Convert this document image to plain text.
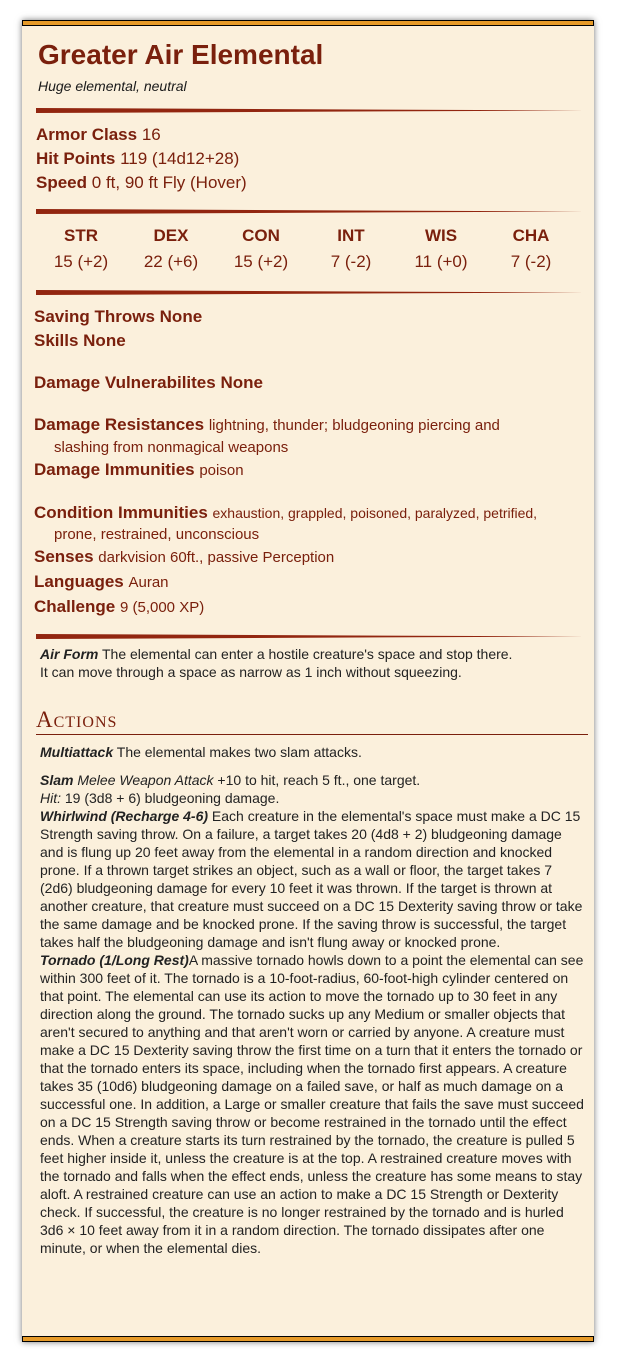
Greater Air Elemental
Huge elemental, neutral
Armor Class 16
Hit Points 119 (14d12+28)
Speed 0 ft, 90 ft Fly (Hover)
STR
15 (+2)
DEX
22 (+6)
CON
15 (+2)
INT
7 (-2)
WIS
11 (+0)
CHA
7 (-2)
Saving Throws None
Skills None
Damage Vulnerabilites None
Damage Resistances lightning, thunder; bludgeoning piercing and
slashing from nonmagical weapons
Damage Immunities poison
Condition Immunities exhaustion, grappled, poisoned, paralyzed, petrified,
prone, restrained, unconscious
Senses darkvision 60ft., passive Perception
Languages Auran
Challenge 9 (5,000 XP)
Air Form The elemental can enter a hostile creature's space and stop there.
It can move through a space as narrow as 1 inch without squeezing.
Actions
Multiattack The elemental makes two slam attacks.
Slam Melee Weapon Attack +10 to hit, reach 5 ft., one target.
Hit: 19 (3d8 + 6) bludgeoning damage.
Whirlwind (Recharge 4-6) Each creature in the elemental's space must make a DC 15 Strength saving throw. On a failure, a target takes 20 (4d8 + 2) bludgeoning damage and is flung up 20 feet away from the elemental in a random direction and knocked prone. If a thrown target strikes an object, such as a wall or floor, the target takes 7 (2d6) bludgeoning damage for every 10 feet it was thrown. If the target is thrown at another creature, that creature must succeed on a DC 15 Dexterity saving throw or take the same damage and be knocked prone. If the saving throw is successful, the target takes half the bludgeoning damage and isn't flung away or knocked prone.
Tornado (1/Long Rest)A massive tornado howls down to a point the elemental can see within 300 feet of it. The tornado is a 10-foot-radius, 60-foot-high cylinder centered on that point. The elemental can use its action to move the tornado up to 30 feet in any direction along the ground. The tornado sucks up any Medium or smaller objects that aren't secured to anything and that aren't worn or carried by anyone. A creature must make a DC 15 Dexterity saving throw the first time on a turn that it enters the tornado or that the tornado enters its space, including when the tornado first appears. A creature takes 35 (10d6) bludgeoning damage on a failed save, or half as much damage on a successful one. In addition, a Large or smaller creature that fails the save must succeed on a DC 15 Strength saving throw or become restrained in the tornado until the effect ends. When a creature starts its turn restrained by the tornado, the creature is pulled 5 feet higher inside it, unless the creature is at the top. A restrained creature moves with the tornado and falls when the effect ends, unless the creature has some means to stay aloft. A restrained creature can use an action to make a DC 15 Strength or Dexterity check. If successful, the creature is no longer restrained by the tornado and is hurled 3d6 × 10 feet away from it in a random direction. The tornado dissipates after one minute, or when the elemental dies.
